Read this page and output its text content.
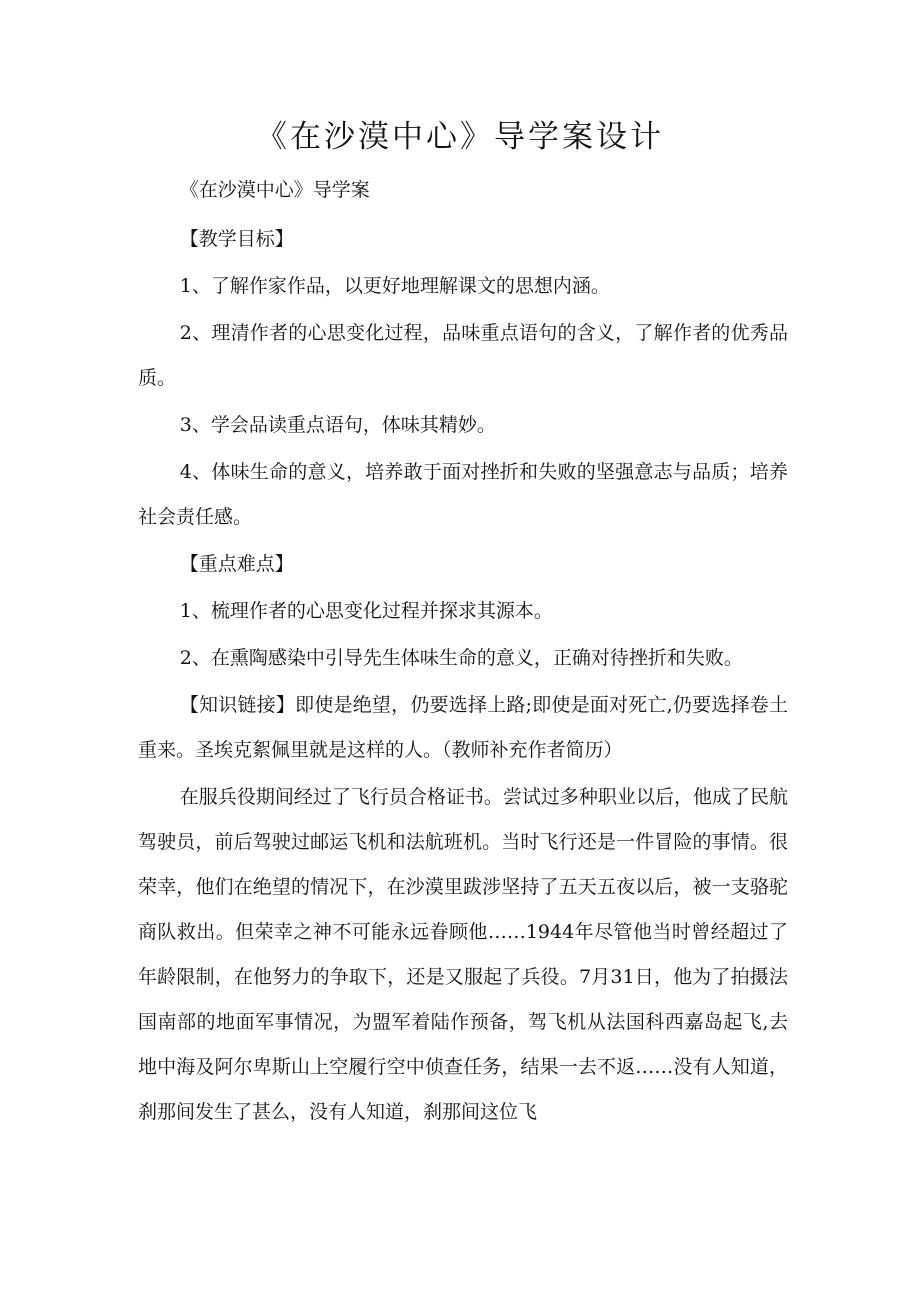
《在沙漠中心》导学案设计

《在沙漠中心》导学案

【教学目标】

1、了解作家作品，以更好地理解课文的思想内涵。

2、理清作者的心思变化过程，品味重点语句的含义，了解作者的优秀品质。

3、学会品读重点语句，体味其精妙。

4、体味生命的意义，培养敢于面对挫折和失败的坚强意志与品质；培养社会责任感。

【重点难点】

1、梳理作者的心思变化过程并探求其源本。

2、在熏陶感染中引导先生体味生命的意义，正确对待挫折和失败。

【知识链接】即使是绝望，仍要选择上路;即使是面对死亡,仍要选择卷土重来。圣埃克絮佩里就是这样的人。（教师补充作者简历）

在服兵役期间经过了飞行员合格证书。尝试过多种职业以后，他成了民航驾驶员，前后驾驶过邮运飞机和法航班机。当时飞行还是一件冒险的事情。很荣幸，他们在绝望的情况下，在沙漠里跋涉坚持了五天五夜以后，被一支骆驼商队救出。但荣幸之神不可能永远眷顾他……1944年尽管他当时曾经超过了年龄限制，在他努力的争取下，还是又服起了兵役。7月31日，他为了拍摄法国南部的地面军事情况，为盟军着陆作预备，驾飞机从法国科西嘉岛起飞,去地中海及阿尔卑斯山上空履行空中侦查任务，结果一去不返……没有人知道，刹那间发生了甚么，没有人知道，刹那间这位飞
